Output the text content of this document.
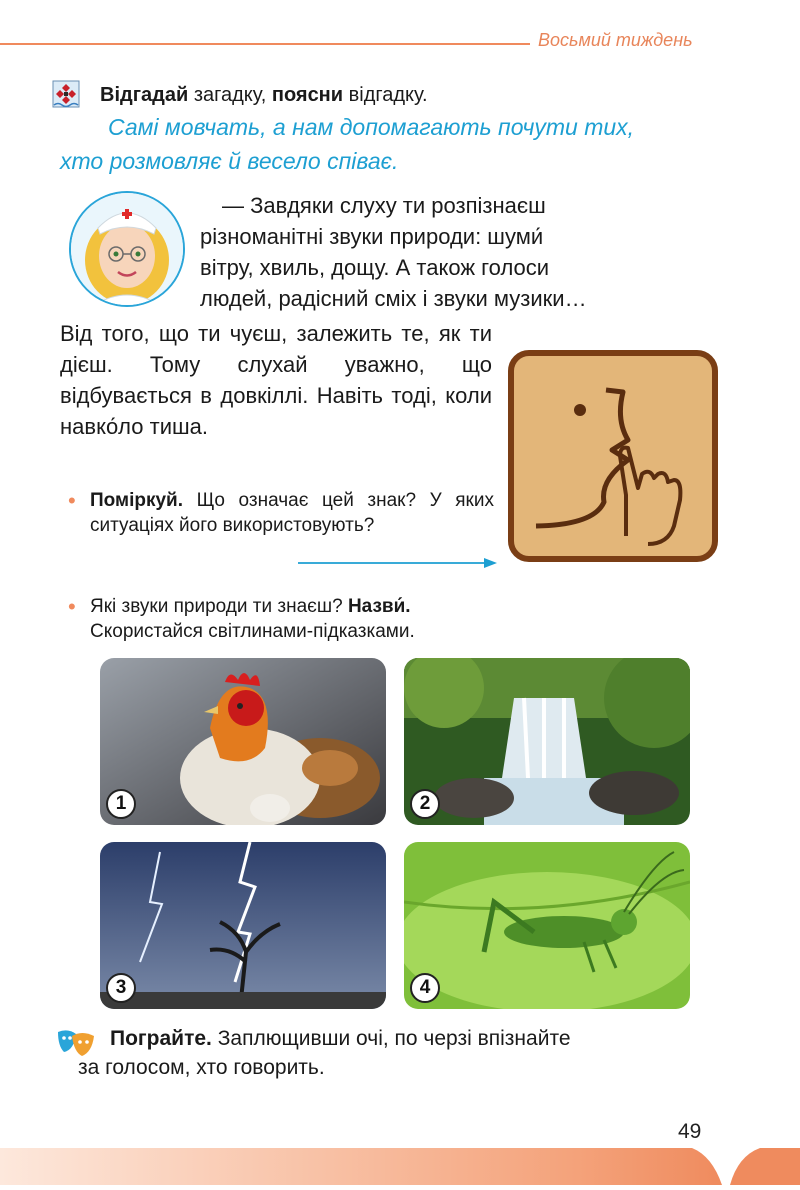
Восьмий тиждень
Відгадай загадку, поясни відгадку.
Самі мовчать, а нам допомагають почути тих,
хто розмовляє й весело співає.

— Завдяки слуху ти розпізнаєш

різноманітні звуки природи: шуми́

вітру, хвиль, дощу. А також голоси

людей, радісний сміх і звуки музики…

Від того, що ти чуєш, залежить те, як ти дієш. Тому слухай уважно, що відбувається в довкіллі. Навіть тоді, коли навко́ло тиша.

• Поміркуй. Що означає цей знак? У яких ситуаціях його використовують?
• Які звуки природи ти знаєш? Назви́.
Скористайся світлинами-підказками.
1	2
3	4

Пограйте. Заплющивши очі, по черзі впізнайте

за голосом, хто говорить.

49
